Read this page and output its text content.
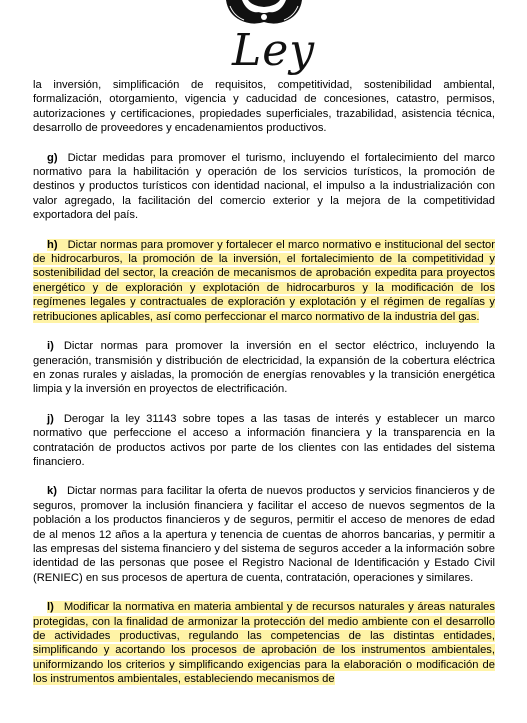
Ley

la inversión, simplificación de requisitos, competitividad, sostenibilidad ambiental, formalización, otorgamiento, vigencia y caducidad de concesiones, catastro, permisos, autorizaciones y certificaciones, propiedades superficiales, trazabilidad, asistencia técnica, desarrollo de proveedores y encadenamientos productivos.

g) Dictar medidas para promover el turismo, incluyendo el fortalecimiento del marco normativo para la habilitación y operación de los servicios turísticos, la promoción de destinos y productos turísticos con identidad nacional, el impulso a la industrialización con valor agregado, la facilitación del comercio exterior y la mejora de la competitividad exportadora del país.

h) Dictar normas para promover y fortalecer el marco normativo e institucional del sector de hidrocarburos, la promoción de la inversión, el fortalecimiento de la competitividad y sostenibilidad del sector, la creación de mecanismos de aprobación expedita para proyectos energético y de exploración y explotación de hidrocarburos y la modificación de los regímenes legales y contractuales de exploración y explotación y el régimen de regalías y retribuciones aplicables, así como perfeccionar el marco normativo de la industria del gas.

i) Dictar normas para promover la inversión en el sector eléctrico, incluyendo la generación, transmisión y distribución de electricidad, la expansión de la cobertura eléctrica en zonas rurales y aisladas, la promoción de energías renovables y la transición energética limpia y la inversión en proyectos de electrificación.

j) Derogar la ley 31143 sobre topes a las tasas de interés y establecer un marco normativo que perfeccione el acceso a información financiera y la transparencia en la contratación de productos activos por parte de los clientes con las entidades del sistema financiero.

k) Dictar normas para facilitar la oferta de nuevos productos y servicios financieros y de seguros, promover la inclusión financiera y facilitar el acceso de nuevos segmentos de la población a los productos financieros y de seguros, permitir el acceso de menores de edad de al menos 12 años a la apertura y tenencia de cuentas de ahorros bancarias, y permitir a las empresas del sistema financiero y del sistema de seguros acceder a la información sobre identidad de las personas que posee el Registro Nacional de Identificación y Estado Civil (RENIEC) en sus procesos de apertura de cuenta, contratación, operaciones y similares.

l) Modificar la normativa en materia ambiental y de recursos naturales y áreas naturales protegidas, con la finalidad de armonizar la protección del medio ambiente con el desarrollo de actividades productivas, regulando las competencias de las distintas entidades, simplificando y acortando los procesos de aprobación de los instrumentos ambientales, uniformizando los criterios y simplificando exigencias para la elaboración o modificación de los instrumentos ambientales, estableciendo mecanismos de
